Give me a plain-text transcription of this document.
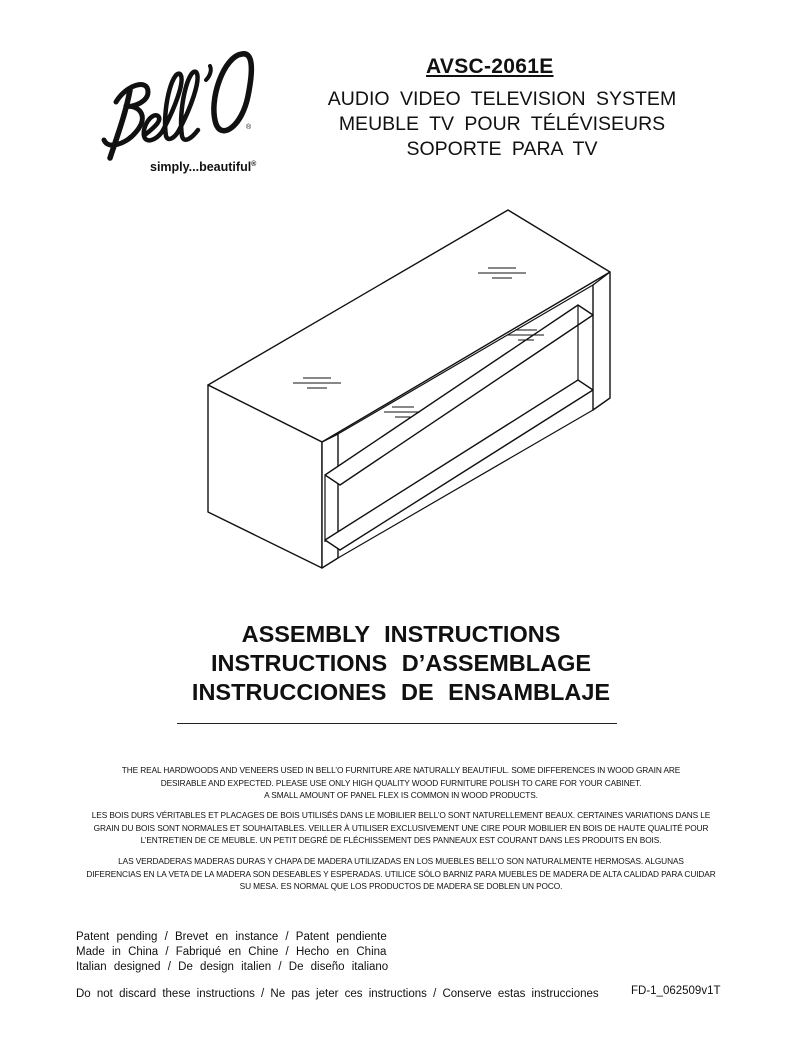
®
simply...beautiful®
AVSC-2061E
AUDIO VIDEO TELEVISION SYSTEM
MEUBLE TV POUR TÉLÉVISEURS
SOPORTE PARA TV
ASSEMBLY INSTRUCTIONS
INSTRUCTIONS D’ASSEMBLAGE
INSTRUCCIONES DE ENSAMBLAJE
THE REAL HARDWOODS AND VENEERS USED IN BELL’O FURNITURE ARE NATURALLY BEAUTIFUL. SOME DIFFERENCES IN WOOD GRAIN ARE
DESIRABLE AND EXPECTED. PLEASE USE ONLY HIGH QUALITY WOOD FURNITURE POLISH TO CARE FOR YOUR CABINET.
A SMALL AMOUNT OF PANEL FLEX IS COMMON IN WOOD PRODUCTS.
LES BOIS DURS VÉRITABLES ET PLACAGES DE BOIS UTILISÉS DANS LE MOBILIER BELL’O SONT NATURELLEMENT BEAUX. CERTAINES VARIATIONS DANS LE
GRAIN DU BOIS SONT NORMALES ET SOUHAITABLES. VEILLER À UTILISER EXCLUSIVEMENT UNE CIRE POUR MOBILIER EN BOIS DE HAUTE QUALITÉ POUR
L’ENTRETIEN DE CE MEUBLE. UN PETIT DEGRÉ DE FLÉCHISSEMENT DES PANNEAUX EST COURANT DANS LES PRODUITS EN BOIS.
LAS VERDADERAS MADERAS DURAS Y CHAPA DE MADERA UTILIZADAS EN LOS MUEBLES BELL’O SON NATURALMENTE HERMOSAS. ALGUNAS
DIFERENCIAS EN LA VETA DE LA MADERA SON DESEABLES Y ESPERADAS. UTILICE SÓLO BARNIZ PARA MUEBLES DE MADERA DE ALTA CALIDAD PARA CUIDAR
SU MESA. ES NORMAL QUE LOS PRODUCTOS DE MADERA SE DOBLEN UN POCO.
Patent pending / Brevet en instance / Patent pendiente
Made in China / Fabriqué en Chine / Hecho en China
Italian designed / De design italien / De diseño italiano
Do not discard these instructions / Ne pas jeter ces instructions / Conserve estas instrucciones	FD-1_062509v1T
